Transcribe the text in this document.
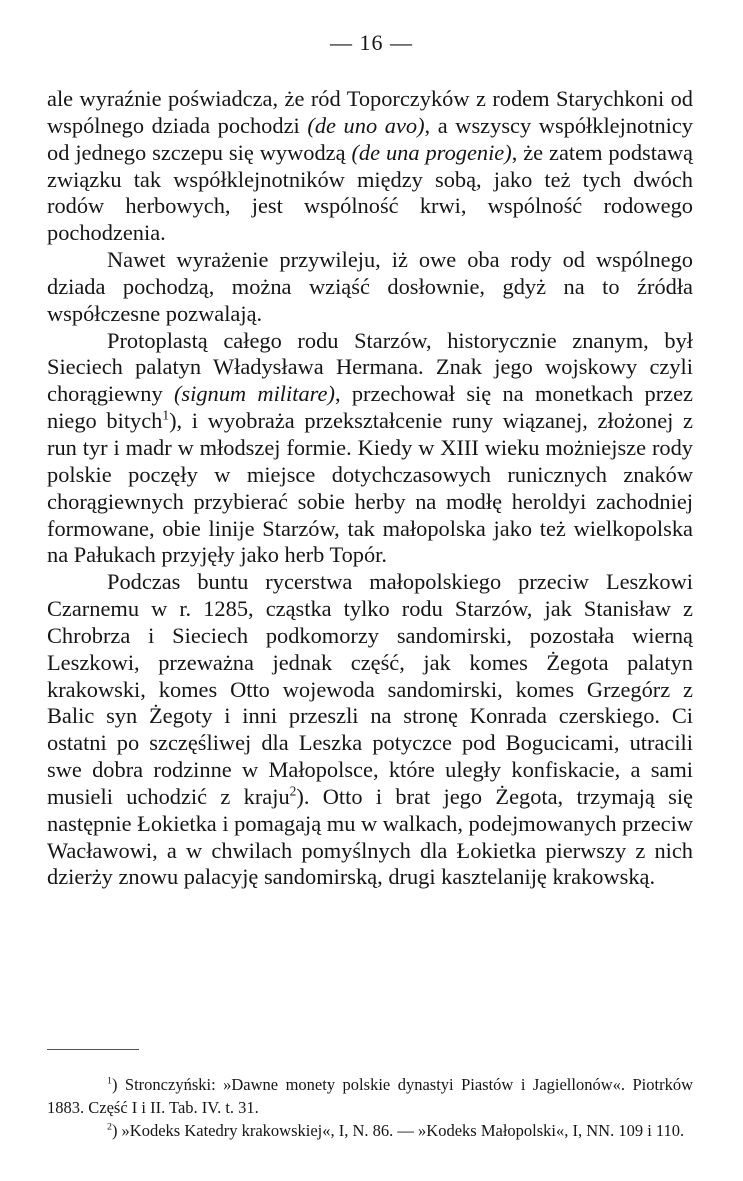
— 16 —

ale wyraźnie poświadcza, że ród Toporczyków z rodem Starychkoni od wspólnego dziada pochodzi (de uno avo), a wszyscy współklejnotnicy od jednego szczepu się wywodzą (de una progenie), że zatem podstawą związku tak współklejnotników między sobą, jako też tych dwóch rodów herbowych, jest wspólność krwi, wspólność rodowego pochodzenia.

Nawet wyrażenie przywileju, iż owe oba rody od wspólnego dziada pochodzą, można wziąść dosłownie, gdyż na to źródła współczesne pozwalają.

Protoplastą całego rodu Starzów, historycznie znanym, był Sieciech palatyn Władysława Hermana. Znak jego wojskowy czyli chorągiewny (signum militare), przechował się na monetkach przez niego bitych$^1$), i wyobraża przekształcenie runy wiązanej, złożonej z run tyr i madr w młodszej formie. Kiedy w XIII wieku możniejsze rody polskie poczęły w miejsce dotychczasowych runicznych znaków chorągiewnych przybierać sobie herby na modłę heroldyi zachodniej formowane, obie linije Starzów, tak małopolska jako też wielkopolska na Pałukach przyjęły jako herb Topór.

Podczas buntu rycerstwa małopolskiego przeciw Leszkowi Czarnemu w r. 1285, cząstka tylko rodu Starzów, jak Stanisław z Chrobrza i Sieciech podkomorzy sandomirski, pozostała wierną Leszkowi, przeważna jednak część, jak komes Żegota palatyn krakowski, komes Otto wojewoda sandomirski, komes Grzegórz z Balic syn Żegoty i inni przeszli na stronę Konrada czerskiego. Ci ostatni po szczęśliwej dla Leszka potyczce pod Bogucicami, utracili swe dobra rodzinne w Małopolsce, które uległy konfiskacie, a sami musieli uchodzić z kraju$^2$). Otto i brat jego Żegota, trzymają się następnie Łokietka i pomagają mu w walkach, podejmowanych przeciw Wacławowi, a w chwilach pomyślnych dla Łokietka pierwszy z nich dzierży znowu palacyję sandomirską, drugi kasztelaniję krakowską.

$^1$) Stronczyński: »Dawne monety polskie dynastyi Piastów i Jagiellonów«. Piotrków 1883. Część I i II. Tab. IV. t. 31.

$^2$) »Kodeks Katedry krakowskiej«, I, N. 86. — »Kodeks Małopolski«, I, NN. 109 i 110.
